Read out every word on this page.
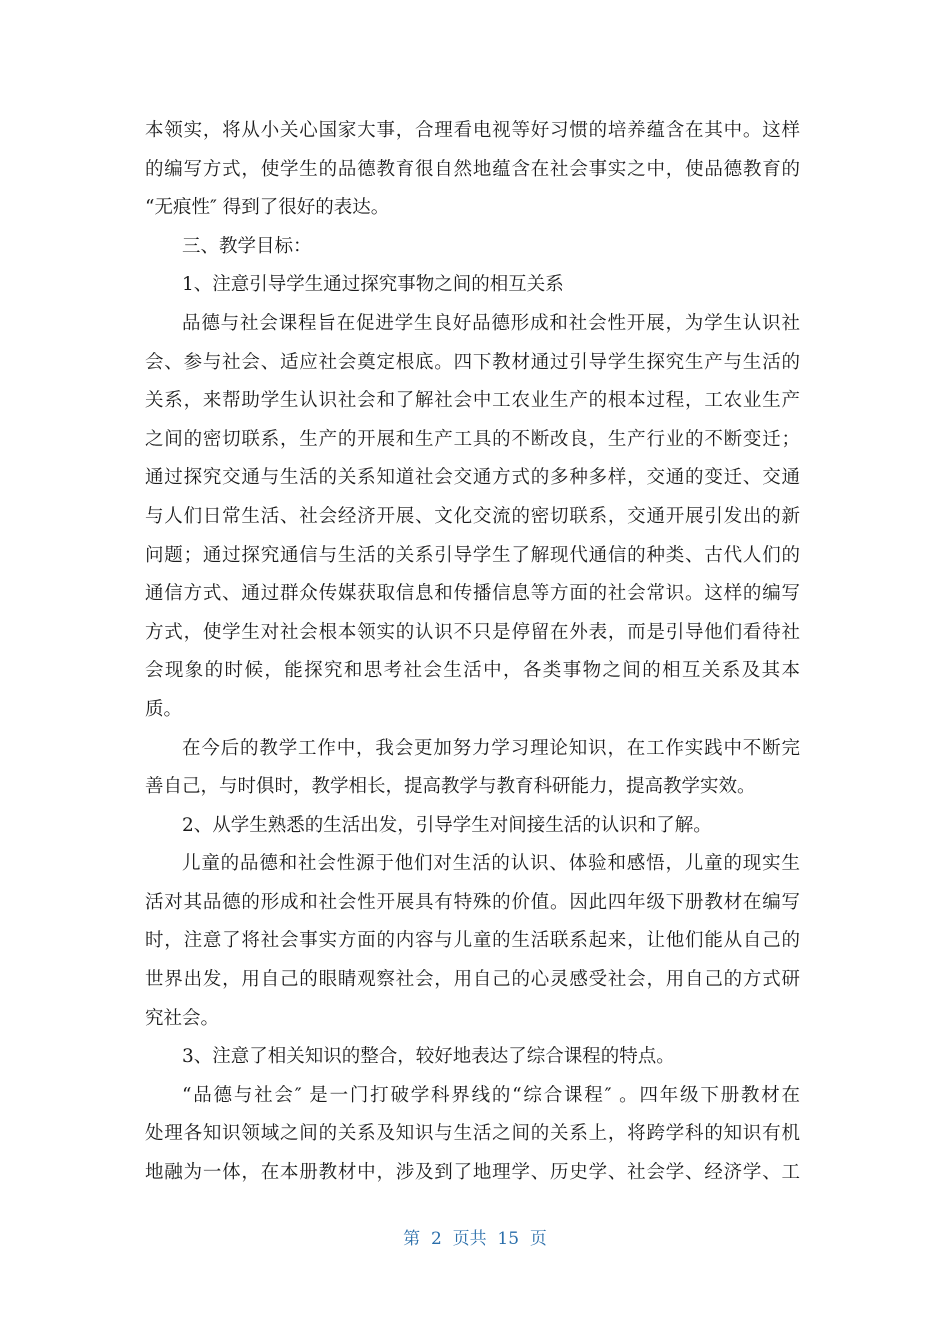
本领实，将从小关心国家大事，合理看电视等好习惯的培养蕴含在其中。这样
的编写方式，使学生的品德教育很自然地蕴含在社会事实之中，使品德教育的
“无痕性″ 得到了很好的表达。
三、教学目标：
1、注意引导学生通过探究事物之间的相互关系
品德与社会课程旨在促进学生良好品德形成和社会性开展，为学生认识社
会、参与社会、适应社会奠定根底。四下教材通过引导学生探究生产与生活的
关系，来帮助学生认识社会和了解社会中工农业生产的根本过程，工农业生产
之间的密切联系，生产的开展和生产工具的不断改良，生产行业的不断变迁；
通过探究交通与生活的关系知道社会交通方式的多种多样，交通的变迁、交通
与人们日常生活、社会经济开展、文化交流的密切联系，交通开展引发出的新
问题；通过探究通信与生活的关系引导学生了解现代通信的种类、古代人们的
通信方式、通过群众传媒获取信息和传播信息等方面的社会常识。这样的编写
方式，使学生对社会根本领实的认识不只是停留在外表，而是引导他们看待社
会现象的时候，能探究和思考社会生活中，各类事物之间的相互关系及其本
质。
在今后的教学工作中，我会更加努力学习理论知识，在工作实践中不断完
善自己，与时俱时，教学相长，提高教学与教育科研能力，提高教学实效。
2、从学生熟悉的生活出发，引导学生对间接生活的认识和了解。
儿童的品德和社会性源于他们对生活的认识、体验和感悟，儿童的现实生
活对其品德的形成和社会性开展具有特殊的价值。因此四年级下册教材在编写
时，注意了将社会事实方面的内容与儿童的生活联系起来，让他们能从自己的
世界出发，用自己的眼睛观察社会，用自己的心灵感受社会，用自己的方式研
究社会。
3、注意了相关知识的整合，较好地表达了综合课程的特点。
“品德与社会″ 是一门打破学科界线的“综合课程″ 。四年级下册教材在
处理各知识领域之间的关系及知识与生活之间的关系上，将跨学科的知识有机
地融为一体，在本册教材中，涉及到了地理学、历史学、社会学、经济学、工
第  2  页共  15  页
